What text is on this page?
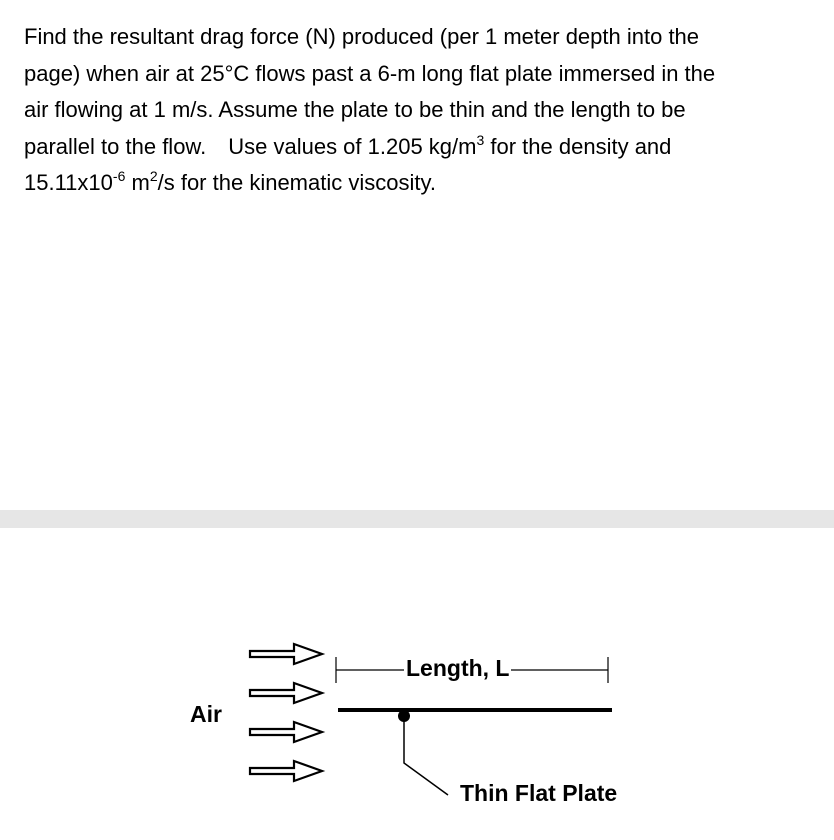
Find the resultant drag force (N) produced (per 1 meter depth into the
page) when air at 25°C flows past a 6-m long flat plate immersed in the
air flowing at 1 m/s. Assume the plate to be thin and the length to be
parallel to the flow. Use values of 1.205 $kg/m^3$ for the density and
$15.11x10^{-6}$ $m^2/s$ for the kinematic viscosity.

Air
Length, L
Thin Flat Plate
